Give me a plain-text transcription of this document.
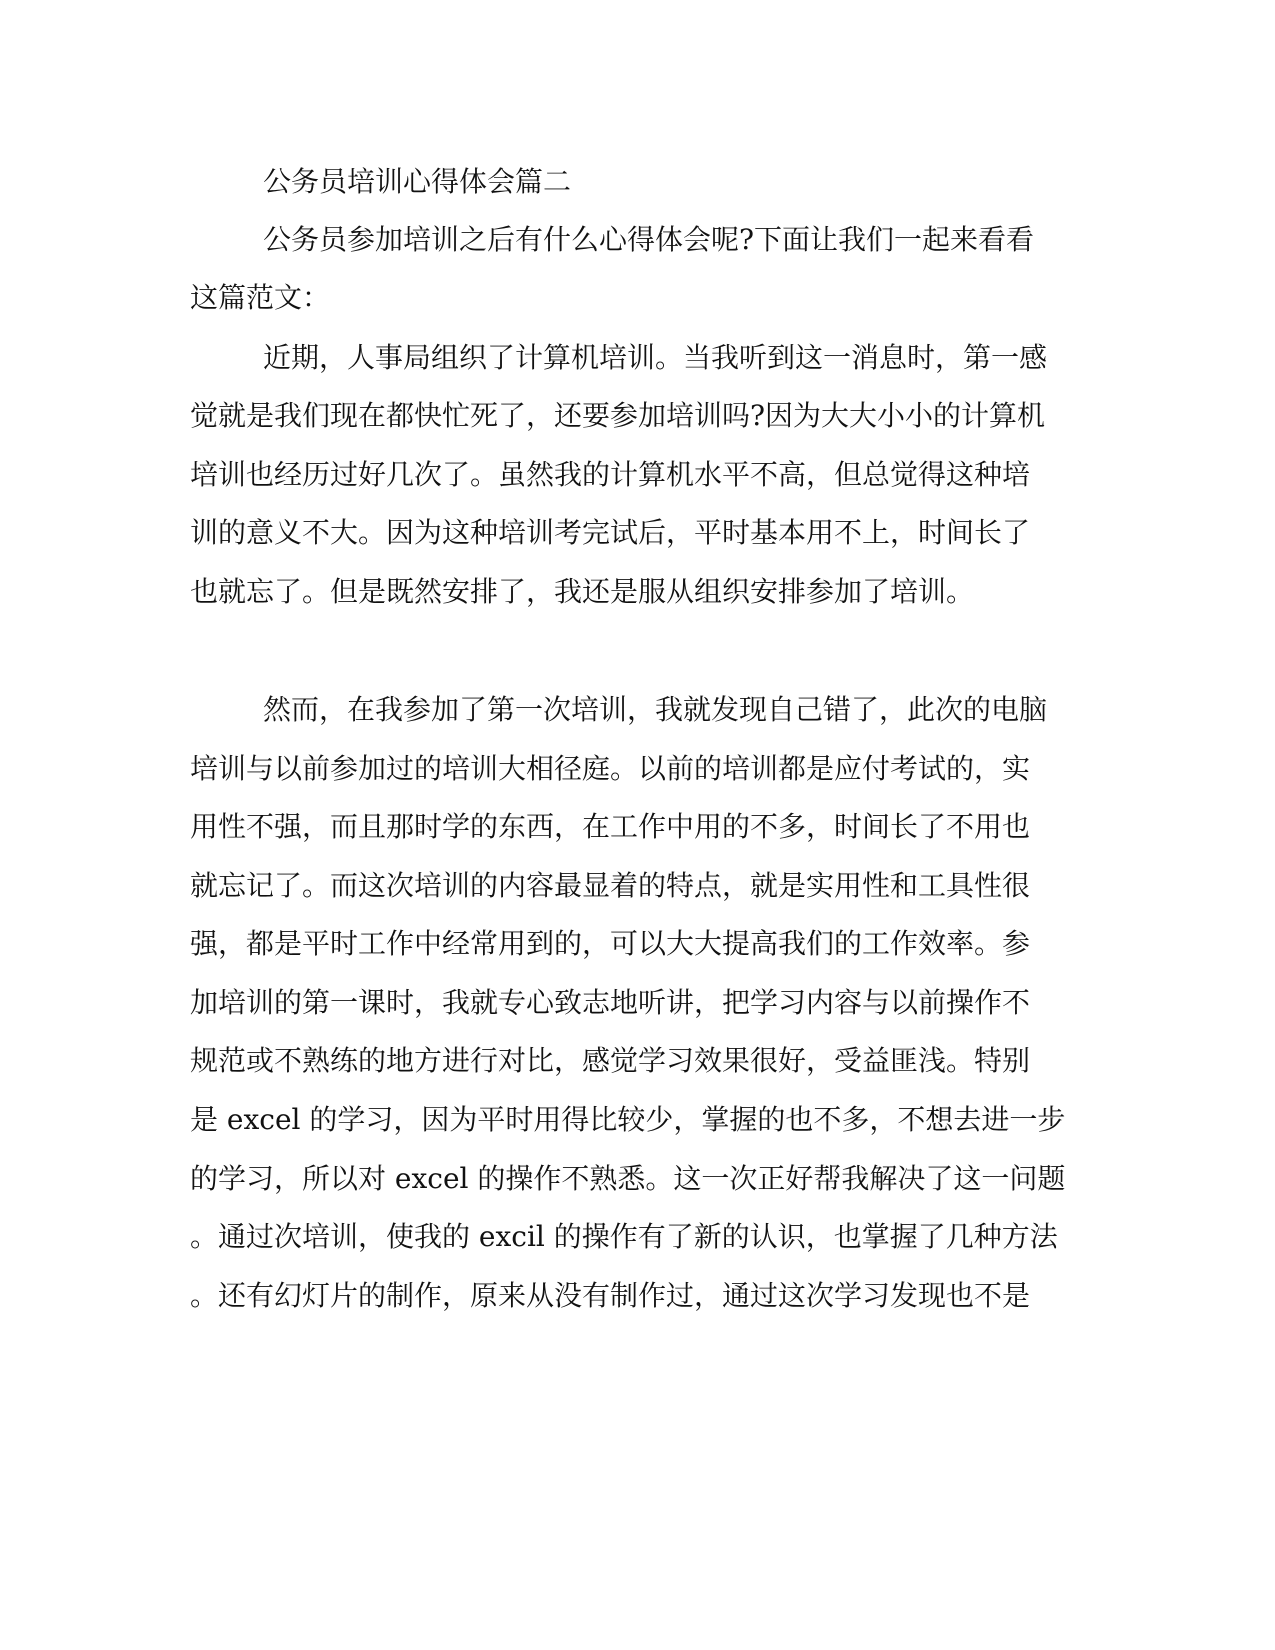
公务员培训心得体会篇二

公务员参加培训之后有什么心得体会呢?下面让我们一起来看看

这篇范文：

近期，人事局组织了计算机培训。当我听到这一消息时，第一感

觉就是我们现在都快忙死了，还要参加培训吗?因为大大小小的计算机

培训也经历过好几次了。虽然我的计算机水平不高，但总觉得这种培

训的意义不大。因为这种培训考完试后，平时基本用不上，时间长了

也就忘了。但是既然安排了，我还是服从组织安排参加了培训。

然而，在我参加了第一次培训，我就发现自己错了，此次的电脑

培训与以前参加过的培训大相径庭。以前的培训都是应付考试的，实

用性不强，而且那时学的东西，在工作中用的不多，时间长了不用也

就忘记了。而这次培训的内容最显着的特点，就是实用性和工具性很

强，都是平时工作中经常用到的，可以大大提高我们的工作效率。参

加培训的第一课时，我就专心致志地听讲，把学习内容与以前操作不

规范或不熟练的地方进行对比，感觉学习效果很好，受益匪浅。特别

是 excel 的学习，因为平时用得比较少，掌握的也不多，不想去进一步

的学习，所以对 excel 的操作不熟悉。这一次正好帮我解决了这一问题

。通过次培训，使我的 excil 的操作有了新的认识，也掌握了几种方法

。还有幻灯片的制作，原来从没有制作过，通过这次学习发现也不是
